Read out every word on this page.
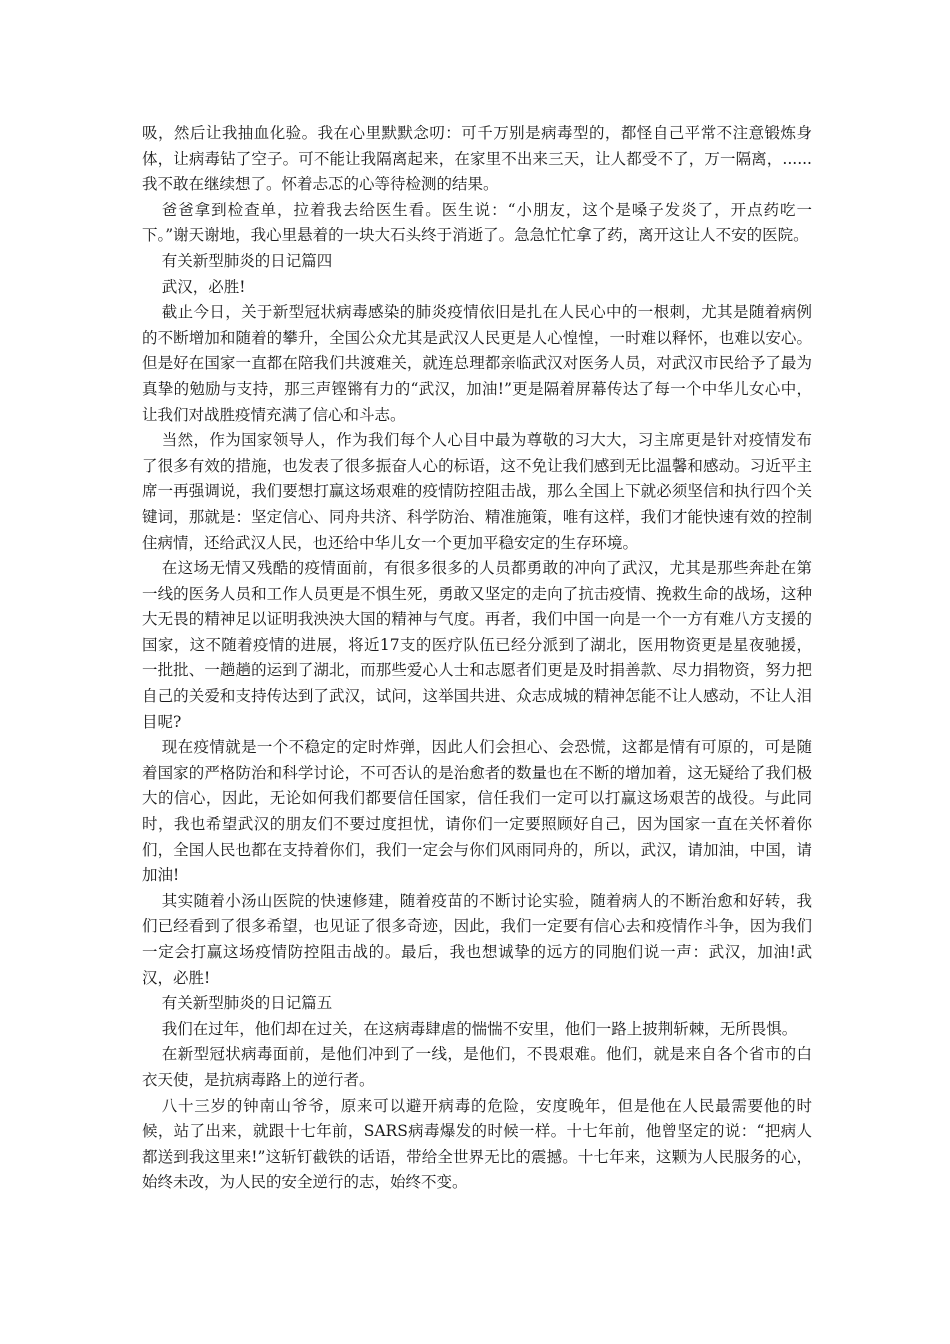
吸，然后让我抽血化验。我在心里默默念叨：可千万别是病毒型的，都怪自己平常不注意锻炼身体，让病毒钻了空子。可不能让我隔离起来，在家里不出来三天，让人都受不了，万一隔离，......我不敢在继续想了。怀着忐忑的心等待检测的结果。

爸爸拿到检查单，拉着我去给医生看。医生说：“小朋友，这个是嗓子发炎了，开点药吃一下。”谢天谢地，我心里悬着的一块大石头终于消逝了。急急忙忙拿了药，离开这让人不安的医院。

有关新型肺炎的日记篇四

武汉，必胜!

截止今日，关于新型冠状病毒感染的肺炎疫情依旧是扎在人民心中的一根刺，尤其是随着病例的不断增加和随着的攀升，全国公众尤其是武汉人民更是人心惶惶，一时难以释怀，也难以安心。但是好在国家一直都在陪我们共渡难关，就连总理都亲临武汉对医务人员，对武汉市民给予了最为真挚的勉励与支持，那三声铿锵有力的“武汉，加油!”更是隔着屏幕传达了每一个中华儿女心中，让我们对战胜疫情充满了信心和斗志。

当然，作为国家领导人，作为我们每个人心目中最为尊敬的习大大，习主席更是针对疫情发布了很多有效的措施，也发表了很多振奋人心的标语，这不免让我们感到无比温馨和感动。习近平主席一再强调说，我们要想打赢这场艰难的疫情防控阻击战，那么全国上下就必须坚信和执行四个关键词，那就是：坚定信心、同舟共济、科学防治、精准施策，唯有这样，我们才能快速有效的控制住病情，还给武汉人民，也还给中华儿女一个更加平稳安定的生存环境。

在这场无情又残酷的疫情面前，有很多很多的人员都勇敢的冲向了武汉，尤其是那些奔赴在第一线的医务人员和工作人员更是不惧生死，勇敢又坚定的走向了抗击疫情、挽救生命的战场，这种大无畏的精神足以证明我泱泱大国的精神与气度。再者，我们中国一向是一个一方有难八方支援的国家，这不随着疫情的进展，将近17支的医疗队伍已经分派到了湖北，医用物资更是星夜驰援，一批批、一趟趟的运到了湖北，而那些爱心人士和志愿者们更是及时捐善款、尽力捐物资，努力把自己的关爱和支持传达到了武汉，试问，这举国共进、众志成城的精神怎能不让人感动，不让人泪目呢?

现在疫情就是一个不稳定的定时炸弹，因此人们会担心、会恐慌，这都是情有可原的，可是随着国家的严格防治和科学讨论，不可否认的是治愈者的数量也在不断的增加着，这无疑给了我们极大的信心，因此，无论如何我们都要信任国家，信任我们一定可以打赢这场艰苦的战役。与此同时，我也希望武汉的朋友们不要过度担忧，请你们一定要照顾好自己，因为国家一直在关怀着你们，全国人民也都在支持着你们，我们一定会与你们风雨同舟的，所以，武汉，请加油，中国，请加油!

其实随着小汤山医院的快速修建，随着疫苗的不断讨论实验，随着病人的不断治愈和好转，我们已经看到了很多希望，也见证了很多奇迹，因此，我们一定要有信心去和疫情作斗争，因为我们一定会打赢这场疫情防控阻击战的。最后，我也想诚挚的远方的同胞们说一声：武汉，加油!武汉，必胜!

有关新型肺炎的日记篇五

我们在过年，他们却在过关，在这病毒肆虐的惴惴不安里，他们一路上披荆斩棘，无所畏惧。

在新型冠状病毒面前，是他们冲到了一线，是他们，不畏艰难。他们，就是来自各个省市的白衣天使，是抗病毒路上的逆行者。

八十三岁的钟南山爷爷，原来可以避开病毒的危险，安度晚年，但是他在人民最需要他的时候，站了出来，就跟十七年前，SARS病毒爆发的时候一样。十七年前，他曾坚定的说：“把病人都送到我这里来!”这斩钉截铁的话语，带给全世界无比的震撼。十七年来，这颗为人民服务的心，始终未改，为人民的安全逆行的志，始终不变。
